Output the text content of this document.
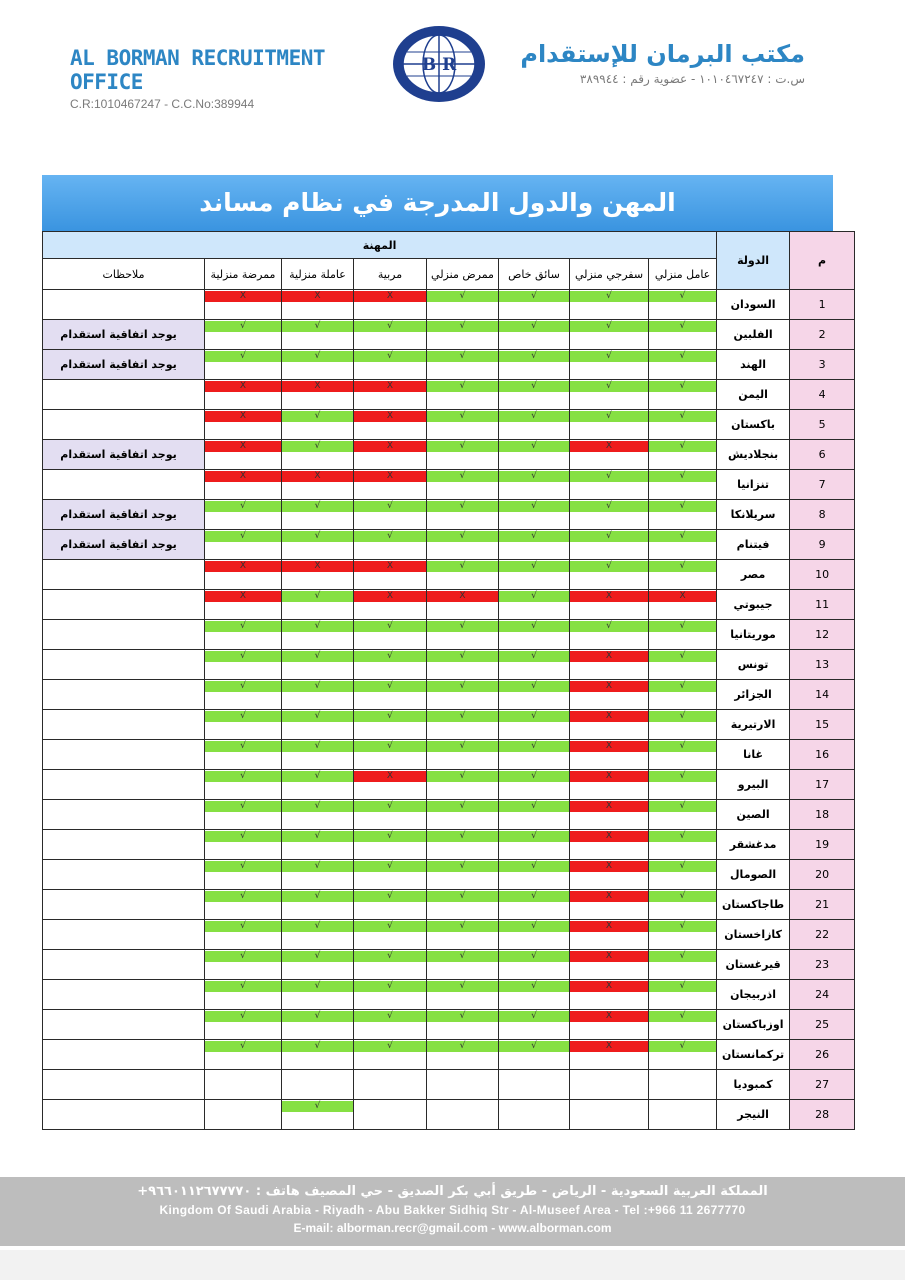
AL BORMAN RECRUITMENT OFFICE
C.R:1010467247 - C.C.No:389944
B R	مكتب البرمان للإستقدام
س.ت : ١٠١٠٤٦٧٢٤٧ - عضوية رقم : ٣٨٩٩٤٤
المهن والدول المدرجة في نظام مساند
المهنة								الدولة	م
ملاحظات	ممرضة منزلية	عاملة منزلية	مربية	ممرض منزلي	سائق خاص	سفرجي منزلي	عامل منزلي		

	X	X	X	√	√	√	√	السودان	1
يوجد اتفاقية استقدام	√	√	√	√	√	√	√	الفلبين	2
يوجد اتفاقية استقدام	√	√	√	√	√	√	√	الهند	3

	X	X	X	√	√	√	√	اليمن	4

	X	√	X	√	√	√	√	باكستان	5
يوجد اتفاقية استقدام	X	√	X	√	√	X	√	بنجلاديش	6

	X	X	X	√	√	√	√	تنزانيا	7
يوجد اتفاقية استقدام	√	√	√	√	√	√	√	سريلانكا	8
يوجد اتفاقية استقدام	√	√	√	√	√	√	√	فيتنام	9

	X	X	X	√	√	√	√	مصر	10

	X	√	X	X	√	X	X	جيبوتي	11

	√	√	√	√	√	√	√	موريتانيا	12

	√	√	√	√	√	X	√	تونس	13

	√	√	√	√	√	X	√	الجزائر	14

	√	√	√	√	√	X	√	الارتيرية	15

	√	√	√	√	√	X	√	غانا	16

	√	√	X	√	√	X	√	البيرو	17

	√	√	√	√	√	X	√	الصين	18

	√	√	√	√	√	X	√	مدغشقر	19

	√	√	√	√	√	X	√	الصومال	20

	√	√	√	√	√	X	√	طاجاكستان	21

	√	√	√	√	√	X	√	كازاخستان	22

	√	√	√	√	√	X	√	قيرغستان	23

	√	√	√	√	√	X	√	اذربيجان	24

	√	√	√	√	√	X	√	اوزباكستان	25

	√	√	√	√	√	X	√	تركمانستان	26

	كمبوديا	27

		√						النيجر	28
المملكة العربية السعودية - الرياض - طريق أبي بكر الصديق - حي المصيف هاتف : ٩٦٦٠١١٢٦٧٧٧٧٠+
Kingdom Of Saudi Arabia - Riyadh - Abu Bakker Sidhiq Str - Al-Museef Area - Tel :+966 11 2677770
E-mail: alborman.recr@gmail.com - www.alborman.com
